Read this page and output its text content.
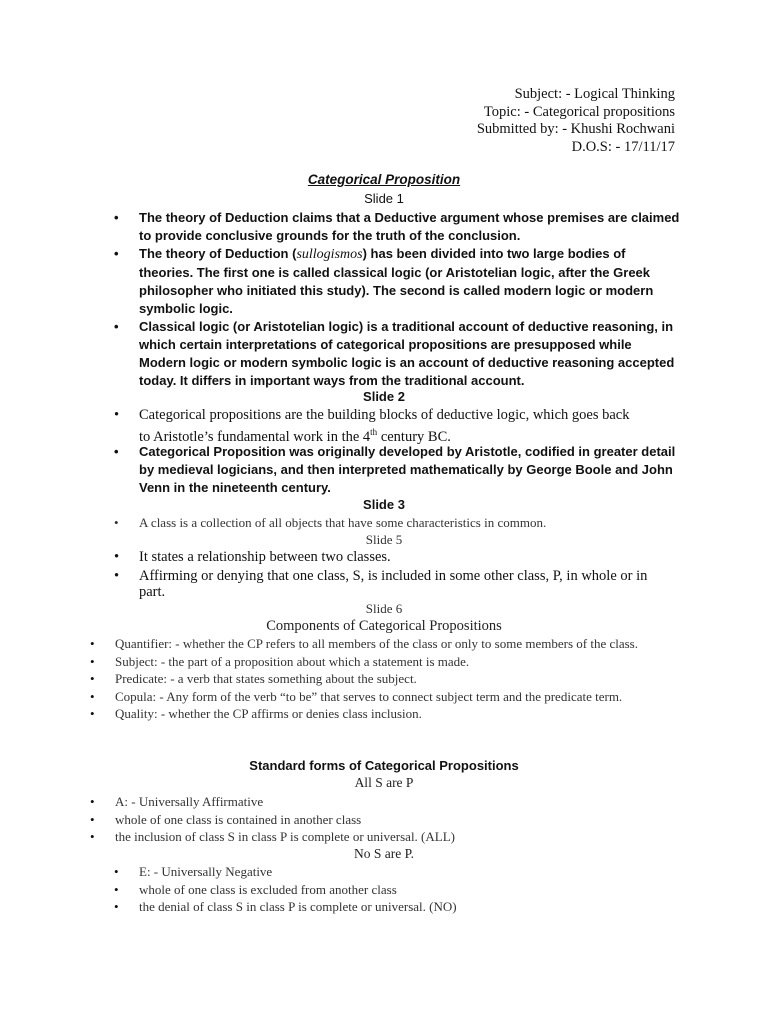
Subject: - Logical Thinking
Topic: - Categorical propositions
Submitted by: - Khushi Rochwani
D.O.S: - 17/11/17
Categorical Proposition
Slide 1
• The theory of Deduction claims that a Deductive argument whose premises are claimed to provide conclusive grounds for the truth of the conclusion.
• The theory of Deduction (sullogismos) has been divided into two large bodies of theories. The first one is called classical logic (or Aristotelian logic, after the Greek philosopher who initiated this study). The second is called modern logic or modern symbolic logic.
• Classical logic (or Aristotelian logic) is a traditional account of deductive reasoning, in which certain interpretations of categorical propositions are presupposed while Modern logic or modern symbolic logic is an account of deductive reasoning accepted today. It differs in important ways from the traditional account.
Slide 2
•	Categorical propositions are the building blocks of deductive logic, which goes back
to Aristotle’s fundamental work in the 4th century BC.
• Categorical Proposition was originally developed by Aristotle, codified in greater detail by medieval logicians, and then interpreted mathematically by George Boole and John Venn in the nineteenth century.
Slide 3
•	A class is a collection of all objects that have some characteristics in common.
Slide 5
• It states a relationship between two classes.
• Affirming or denying that one class, S, is included in some other class, P, in whole or in part.
Slide 6
Components of Categorical Propositions
• Quantifier: - whether the CP refers to all members of the class or only to some members of the class.
• Subject: - the part of a proposition about which a statement is made.
• Predicate: - a verb that states something about the subject.
• Copula: - Any form of the verb “to be” that serves to connect subject term and the predicate term.
• Quality: - whether the CP affirms or denies class inclusion.
Standard forms of Categorical Propositions
All S are P
• A: - Universally Affirmative
• whole of one class is contained in another class
• the inclusion of class S in class P is complete or universal. (ALL)
No S are P.
• E: - Universally Negative
• whole of one class is excluded from another class
• the denial of class S in class P is complete or universal. (NO)
